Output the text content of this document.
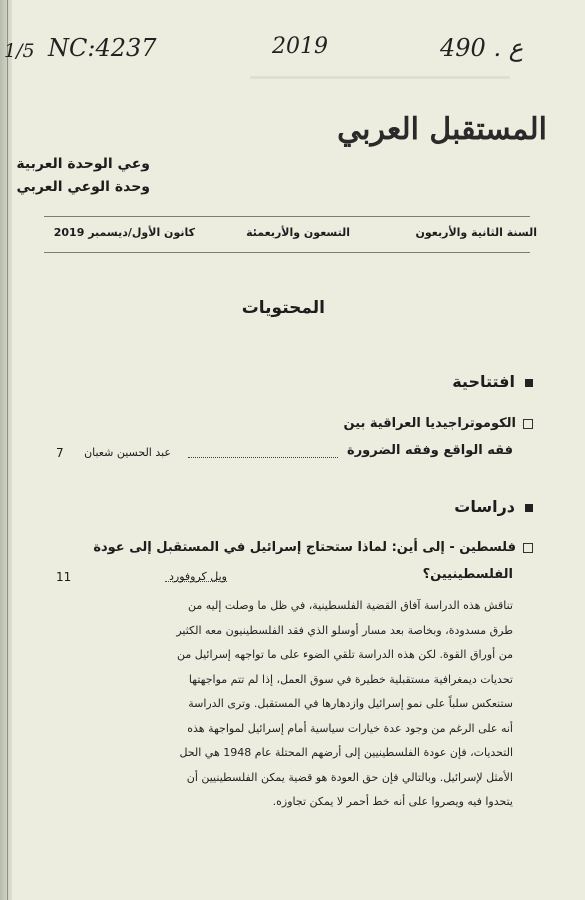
1/5 NC:4237	2019	ع . 490
المستقبل العربي
وعي الوحدة العربية
وحدة الوعي العربي
السنة الثانية والأربعون
التسعون والأربعمئة
كانون الأول/ديسمبر 2019
المحتويات
افتتاحية
الكوموتراجيديا العراقية بين
فقه الواقع وفقه الضرورة
عبد الحسين شعبان
7
دراسات
فلسطين - إلى أين: لماذا ستحتاج إسرائيل في المستقبل إلى عودة
الفلسطينيين؟
ويل كروفورد
11

تناقش هذه الدراسة آفاق القضية الفلسطينية، في ظل ما وصلت إليه من

طرق مسدودة، وبخاصة بعد مسار أوسلو الذي فقد الفلسطينيون معه الكثير

من أوراق القوة. لكن هذه الدراسة تلقي الضوء على ما تواجهه إسرائيل من

تحديات ديمغرافية مستقبلية خطيرة في سوق العمل، إذا لم تتم مواجهتها

ستنعكس سلباً على نمو إسرائيل وازدهارها في المستقبل. وترى الدراسة

أنه على الرغم من وجود عدة خيارات سياسية أمام إسرائيل لمواجهة هذه

التحديات، فإن عودة الفلسطينيين إلى أرضهم المحتلة عام 1948 هي الحل

الأمثل لإسرائيل. وبالتالي فإن حق العودة هو قضية يمكن الفلسطينيين أن

يتحدوا فيه ويصروا على أنه خط أحمر لا يمكن تجاوزه.
